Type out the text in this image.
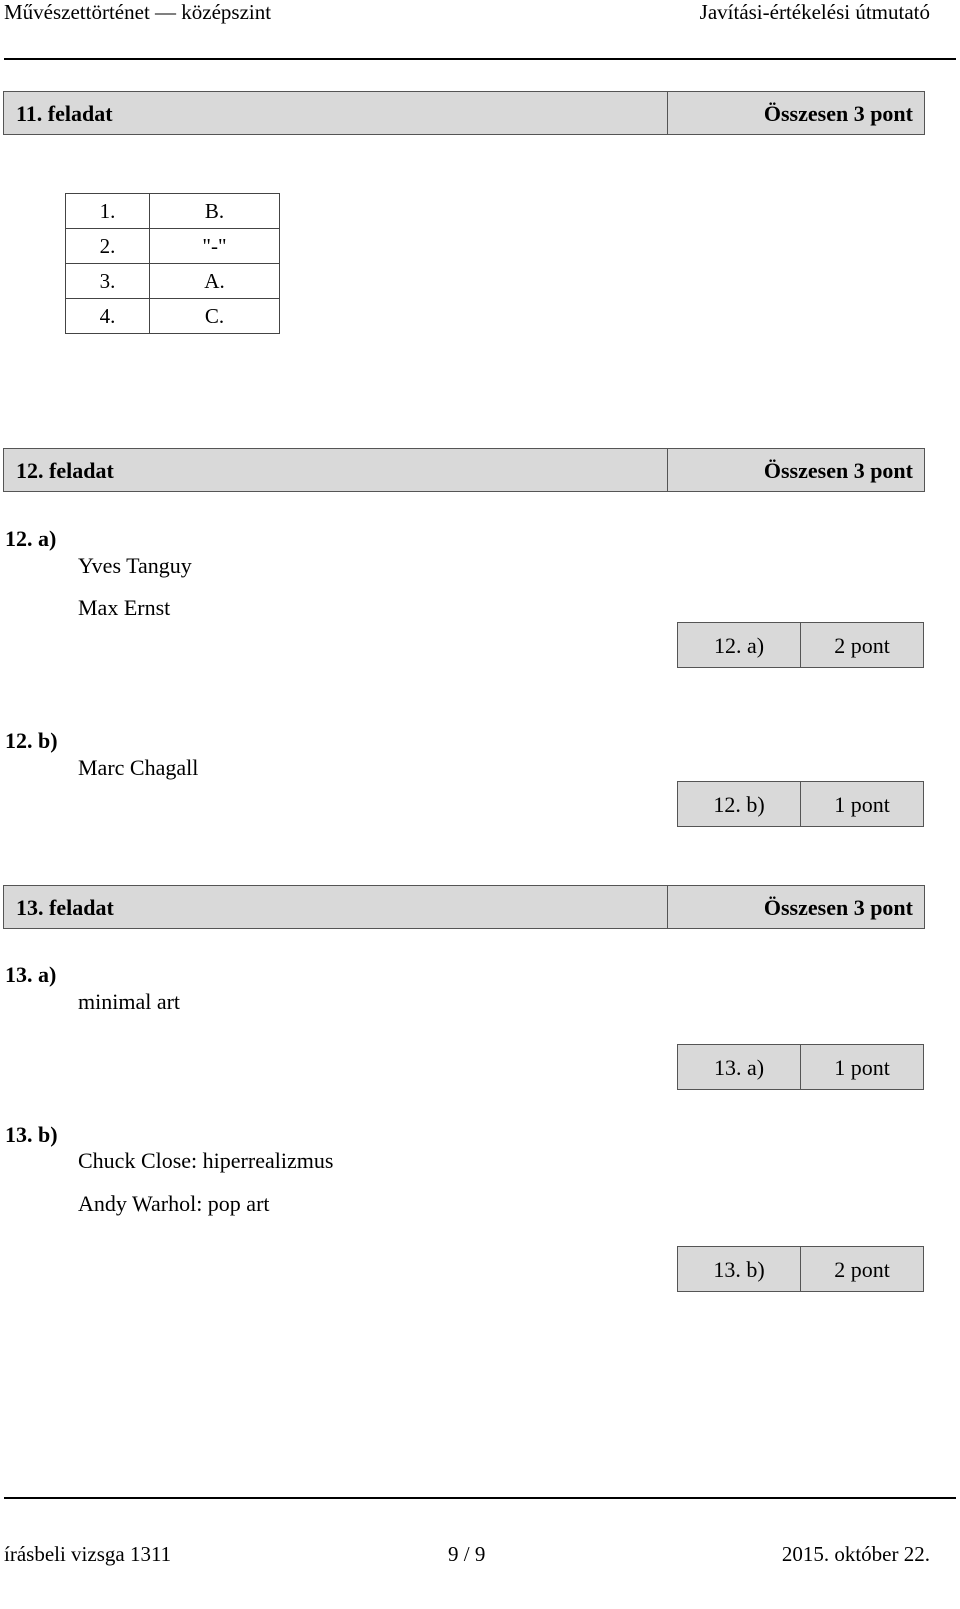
Művészettörténet — középszint	Javítási-értékelési útmutató
11. feladat	Összesen 3 pont
1.	B.
2.	"-"
3.	A.
4.	C.
12. feladat	Összesen 3 pont
12. a)
Yves Tanguy
Max Ernst
12. a)	2 pont
12. b)
Marc Chagall
12. b)	1 pont
13. feladat	Összesen 3 pont
13. a)
minimal art
13. a)	1 pont
13. b)
Chuck Close: hiperrealizmus
Andy Warhol: pop art
13. b)	2 pont
írásbeli vizsga 1311	9 / 9	2015. október 22.
